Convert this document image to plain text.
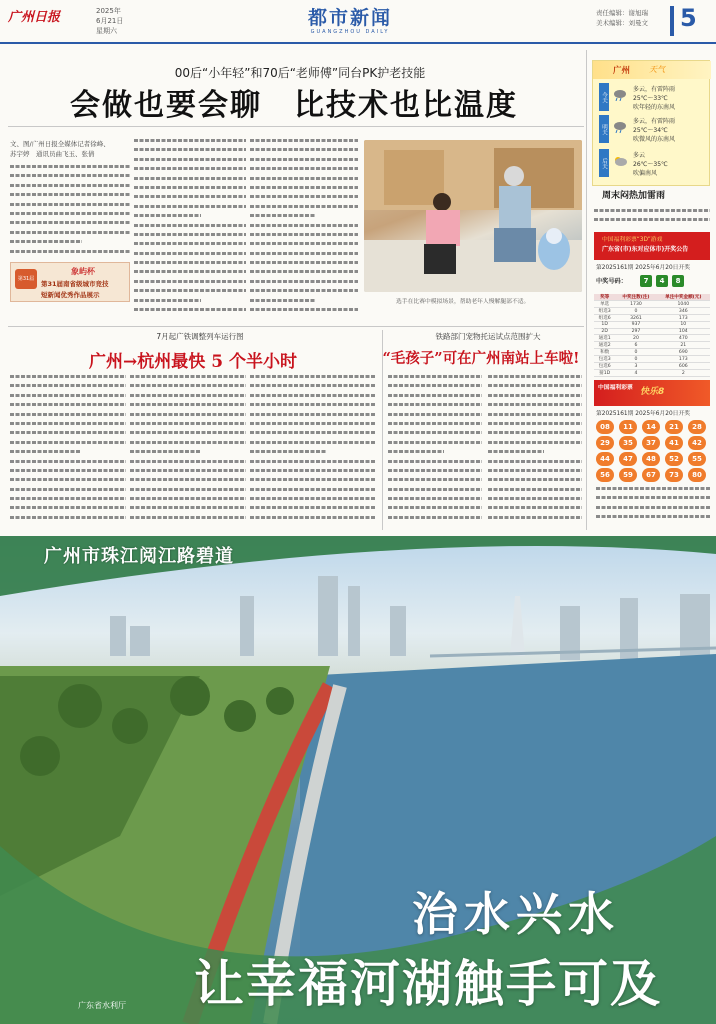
广州日报	2025年
6月21日
星期六
都市新闻
GUANGZHOU DAILY
责任编辑：谢旭瑞
美术编辑：刘曼文 5
00后“小年轻”和70后“老师傅”同台PK护老技能
会做也要会聊　比技术也比温度
文、图/广州日报全媒体记者徐峰、
苏宇婷　通讯员曲飞玉、张倩
第31届
象屿杯
第31届南省级城市竞技
短新闻优秀作品展示
选手在比赛中模拟场景，帮助老年人慢解腿部不适。
广州 天气
今天
多云，有雷阵雨
25℃～33℃
吹年轻的东南风
明天
多云，有雷阵雨
25℃～34℃
吹微风的东南风
后天
多云
26℃～35℃
吹偏南风
周末闷热加雷雨
中国福利彩票“3D”游戏
广东省(市)东对应体市)开奖公告
第2025161期 2025年6月20日开奖
中奖号码：	7	4	8
奖等	中奖注数(注)	单注中奖金额(元)
单选	1730	1040
组选3	0	346
组选6	3261	173
1D	937	10
2D	297	104
通选1	20	470
通选2	6	21
和数	0	690
包选3	0	173
包选6	3	606
猜1D	4	2
中国福利彩票 快乐8
第2025161期 2025年6月20日开奖
08	11	14	21	28
29	35	37	41	42
44	47	48	52	55
56	59	67	73	80
7月起广铁调整列车运行图
广州→杭州最快 5 个半小时
铁路部门宠物托运试点范围扩大
“毛孩子”可在广州南站上车啦!
广州市珠江阅江路碧道
治水兴水
让幸福河湖触手可及
广东省水利厅
